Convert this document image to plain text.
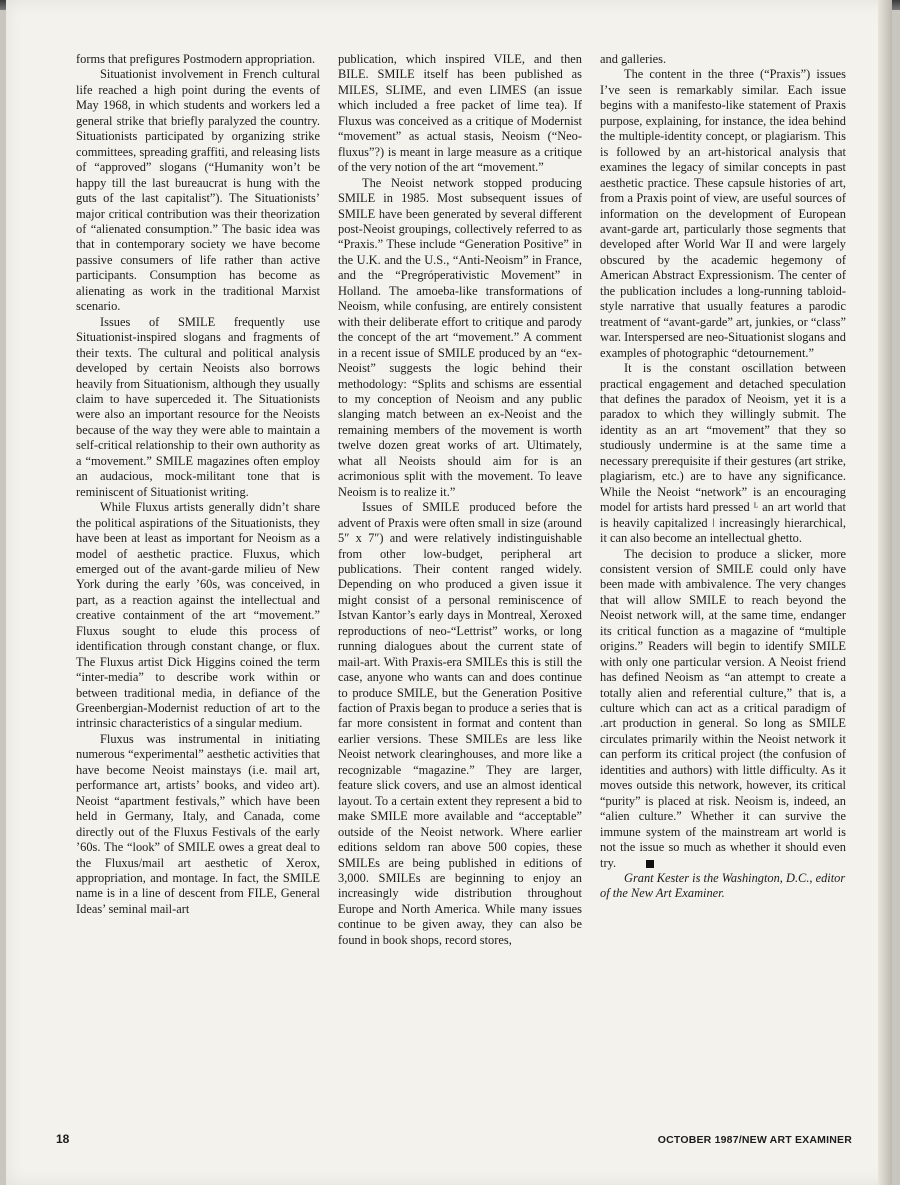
forms that prefigures Postmodern appropriation.

Situationist involvement in French cultural life reached a high point during the events of May 1968, in which students and workers led a general strike that briefly paralyzed the country. Situationists participated by organizing strike committees, spreading graffiti, and releasing lists of “approved” slogans (“Humanity won’t be happy till the last bureaucrat is hung with the guts of the last capitalist”). The Situationists’ major critical contribution was their theorization of “alienated consumption.” The basic idea was that in contemporary society we have become passive consumers of life rather than active participants. Consumption has become as alienating as work in the traditional Marxist scenario.

Issues of SMILE frequently use Situationist-inspired slogans and fragments of their texts. The cultural and political analysis developed by certain Neoists also borrows heavily from Situationism, although they usually claim to have superceded it. The Situationists were also an important resource for the Neoists because of the way they were able to maintain a self-critical relationship to their own authority as a “movement.” SMILE magazines often employ an audacious, mock-militant tone that is reminiscent of Situationist writing.

While Fluxus artists generally didn’t share the political aspirations of the Situationists, they have been at least as important for Neoism as a model of aesthetic practice. Fluxus, which emerged out of the avant-garde milieu of New York during the early ’60s, was conceived, in part, as a reaction against the intellectual and creative containment of the art “movement.” Fluxus sought to elude this process of identification through constant change, or flux. The Fluxus artist Dick Higgins coined the term “inter-media” to describe work within or between traditional media, in defiance of the Greenbergian-Modernist reduction of art to the intrinsic characteristics of a singular medium.

Fluxus was instrumental in initiating numerous “experimental” aesthetic activities that have become Neoist mainstays (i.e. mail art, performance art, artists’ books, and video art). Neoist “apartment festivals,” which have been held in Germany, Italy, and Canada, come directly out of the Fluxus Festivals of the early ’60s. The “look” of SMILE owes a great deal to the Fluxus/mail art aesthetic of Xerox, appropriation, and montage. In fact, the SMILE name is in a line of descent from FILE, General Ideas’ seminal mail-art

publication, which inspired VILE, and then BILE. SMILE itself has been published as MILES, SLIME, and even LIMES (an issue which included a free packet of lime tea). If Fluxus was conceived as a critique of Modernist “movement” as actual stasis, Neoism (“Neo-fluxus”?) is meant in large measure as a critique of the very notion of the art “movement.”

The Neoist network stopped producing SMILE in 1985. Most subsequent issues of SMILE have been generated by several different post-Neoist groupings, collectively referred to as “Praxis.” These include “Generation Positive” in the U.K. and the U.S., “Anti-Neoism” in France, and the “Pregróperativistic Movement” in Holland. The amoeba-like transformations of Neoism, while confusing, are entirely consistent with their deliberate effort to critique and parody the concept of the art “movement.” A comment in a recent issue of SMILE produced by an “ex-Neoist” suggests the logic behind their methodology: “Splits and schisms are essential to my conception of Neoism and any public slanging match between an ex-Neoist and the remaining members of the movement is worth twelve dozen great works of art. Ultimately, what all Neoists should aim for is an acrimonious split with the movement. To leave Neoism is to realize it.”

Issues of SMILE produced before the advent of Praxis were often small in size (around 5″ x 7″) and were relatively indistinguishable from other low-budget, peripheral art publications. Their content ranged widely. Depending on who produced a given issue it might consist of a personal reminiscence of Istvan Kantor’s early days in Montreal, Xeroxed reproductions of neo-“Lettrist” works, or long running dialogues about the current state of mail-art. With Praxis-era SMILEs this is still the case, anyone who wants can and does continue to produce SMILE, but the Generation Positive faction of Praxis began to produce a series that is far more consistent in format and content than earlier versions. These SMILEs are less like Neoist network clearinghouses, and more like a recognizable “magazine.” They are larger, feature slick covers, and use an almost identical layout. To a certain extent they represent a bid to make SMILE more available and “acceptable” outside of the Neoist network. Where earlier editions seldom ran above 500 copies, these SMILEs are being published in editions of 3,000. SMILEs are beginning to enjoy an increasingly wide distribution throughout Europe and North America. While many issues continue to be given away, they can also be found in book shops, record stores,

and galleries.

The content in the three (“Praxis”) issues I’ve seen is remarkably similar. Each issue begins with a manifesto-like statement of Praxis purpose, explaining, for instance, the idea behind the multiple-identity concept, or plagiarism. This is followed by an art-historical analysis that examines the legacy of similar concepts in past aesthetic practice. These capsule histories of art, from a Praxis point of view, are useful sources of information on the development of European avant-garde art, particularly those segments that developed after World War II and were largely obscured by the academic hegemony of American Abstract Expressionism. The center of the publication includes a long-running tabloid-style narrative that usually features a parodic treatment of “avant-garde” art, junkies, or “class” war. Interspersed are neo-Situationist slogans and examples of photographic “detournement.”

It is the constant oscillation between practical engagement and detached speculation that defines the paradox of Neoism, yet it is a paradox to which they willingly submit. The identity as an art “movement” that they so studiously undermine is at the same time a necessary prerequisite if their gestures (art strike, plagiarism, etc.) are to have any significance. While the Neoist “network” is an encouraging model for artists hard pressed ᴸ an art world that is heavily capitalized ǀ increasingly hierarchical, it can also become an intellectual ghetto.

The decision to produce a slicker, more consistent version of SMILE could only have been made with ambivalence. The very changes that will allow SMILE to reach beyond the Neoist network will, at the same time, endanger its critical function as a magazine of “multiple origins.” Readers will begin to identify SMILE with only one particular version. A Neoist friend has defined Neoism as “an attempt to create a totally alien and referential culture,” that is, a culture which can act as a critical paradigm of .art production in general. So long as SMILE circulates primarily within the Neoist network it can perform its critical project (the confusion of identities and authors) with little difficulty. As it moves outside this network, however, its critical “purity” is placed at risk. Neoism is, indeed, an “alien culture.” Whether it can survive the immune system of the mainstream art world is not the issue so much as whether it should even try.

Grant Kester is the Washington, D.C., editor of the New Art Examiner.

18	OCTOBER 1987/NEW ART EXAMINER
